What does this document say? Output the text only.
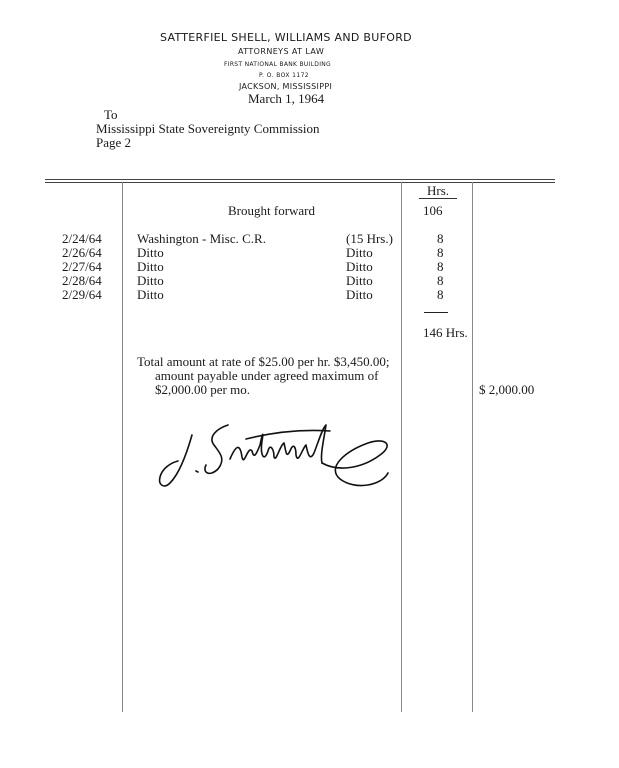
SATTERFIEL SHELL, WILLIAMS AND BUFORD
ATTORNEYS AT LAW
FIRST NATIONAL BANK BUILDING
P. O. BOX 1172
JACKSON, MISSISSIPPI
March 1, 1964
To
Mississippi State Sovereignty Commission
Page 2
Hrs.
Brought forward	106
2/24/64	Washington - Misc. C.R.	(15 Hrs.)	8
2/26/64	Ditto	Ditto	8
2/27/64	Ditto	Ditto	8
2/28/64	Ditto	Ditto	8
2/29/64	Ditto	Ditto	8
146 Hrs.
Total amount at rate of $25.00 per hr. $3,450.00;
amount payable under agreed maximum of
$2,000.00 per mo.	$ 2,000.00
